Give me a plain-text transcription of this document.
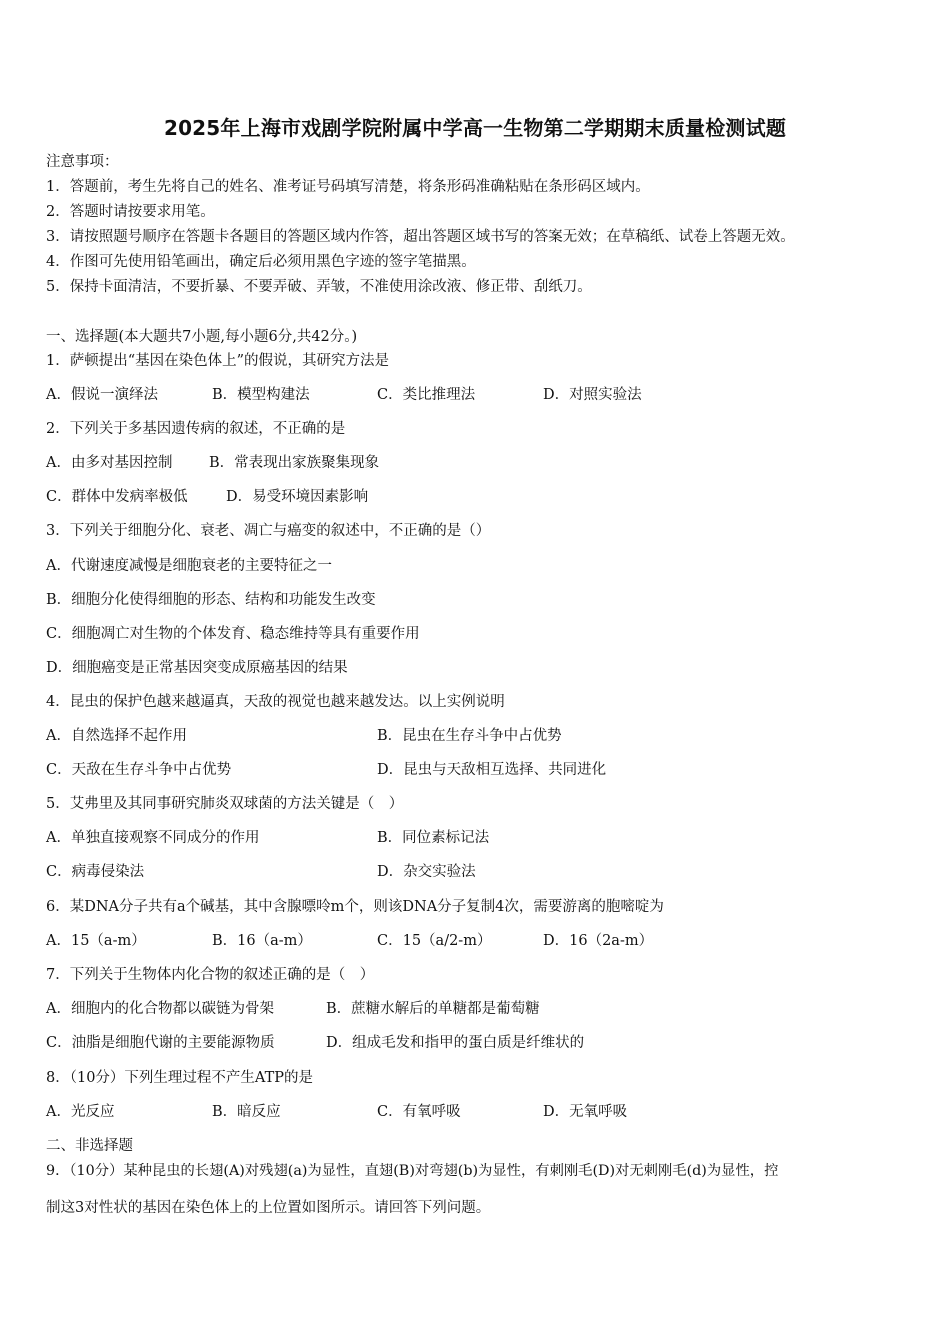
2025年上海市戏剧学院附属中学高一生物第二学期期末质量检测试题
注意事项：
1．答题前，考生先将自己的姓名、准考证号码填写清楚，将条形码准确粘贴在条形码区域内。
2．答题时请按要求用笔。
3．请按照题号顺序在答题卡各题目的答题区域内作答，超出答题区域书写的答案无效；在草稿纸、试卷上答题无效。
4．作图可先使用铅笔画出，确定后必须用黑色字迹的签字笔描黑。
5．保持卡面清洁，不要折暴、不要弄破、弄皱，不准使用涂改液、修正带、刮纸刀。
一、选择题(本大题共7小题,每小题6分,共42分。)
1．萨顿提出“基因在染色体上”的假说，其研究方法是
A．假说一演绎法	B．模型构建法	C．类比推理法	D．对照实验法
2．下列关于多基因遗传病的叙述，不正确的是
A．由多对基因控制	B．常表现出家族聚集现象
C．群体中发病率极低	D．易受环境因素影响
3．下列关于细胞分化、衰老、凋亡与癌变的叙述中，不正确的是（）
A．代谢速度减慢是细胞衰老的主要特征之一
B．细胞分化使得细胞的形态、结构和功能发生改变
C．细胞凋亡对生物的个体发育、稳态维持等具有重要作用
D．细胞癌变是正常基因突变成原癌基因的结果
4．昆虫的保护色越来越逼真，天敌的视觉也越来越发达。以上实例说明
A．自然选择不起作用	B．昆虫在生存斗争中占优势
C．天敌在生存斗争中占优势	D．昆虫与天敌相互选择、共同进化
5．艾弗里及其同事研究肺炎双球菌的方法关键是（　）
A．单独直接观察不同成分的作用	B．同位素标记法
C．病毒侵染法	D．杂交实验法
6．某DNA分子共有a个碱基，其中含腺嘌呤m个，则该DNA分子复制4次，需要游离的胞嘧啶为
A．15（a-m）	B．16（a-m）	C．15（a/2-m）	D．16（2a-m）
7．下列关于生物体内化合物的叙述正确的是（　）
A．细胞内的化合物都以碳链为骨架	B．蔗糖水解后的单糖都是葡萄糖
C．油脂是细胞代谢的主要能源物质	D．组成毛发和指甲的蛋白质是纤维状的
8．（10分）下列生理过程不产生ATP的是
A．光反应	B．暗反应	C．有氧呼吸	D．无氧呼吸
二、非选择题
9．（10分）某种昆虫的长翅(A)对残翅(a)为显性，直翅(B)对弯翅(b)为显性，有刺刚毛(D)对无刺刚毛(d)为显性，控
制这3对性状的基因在染色体上的上位置如图所示。请回答下列问题。
